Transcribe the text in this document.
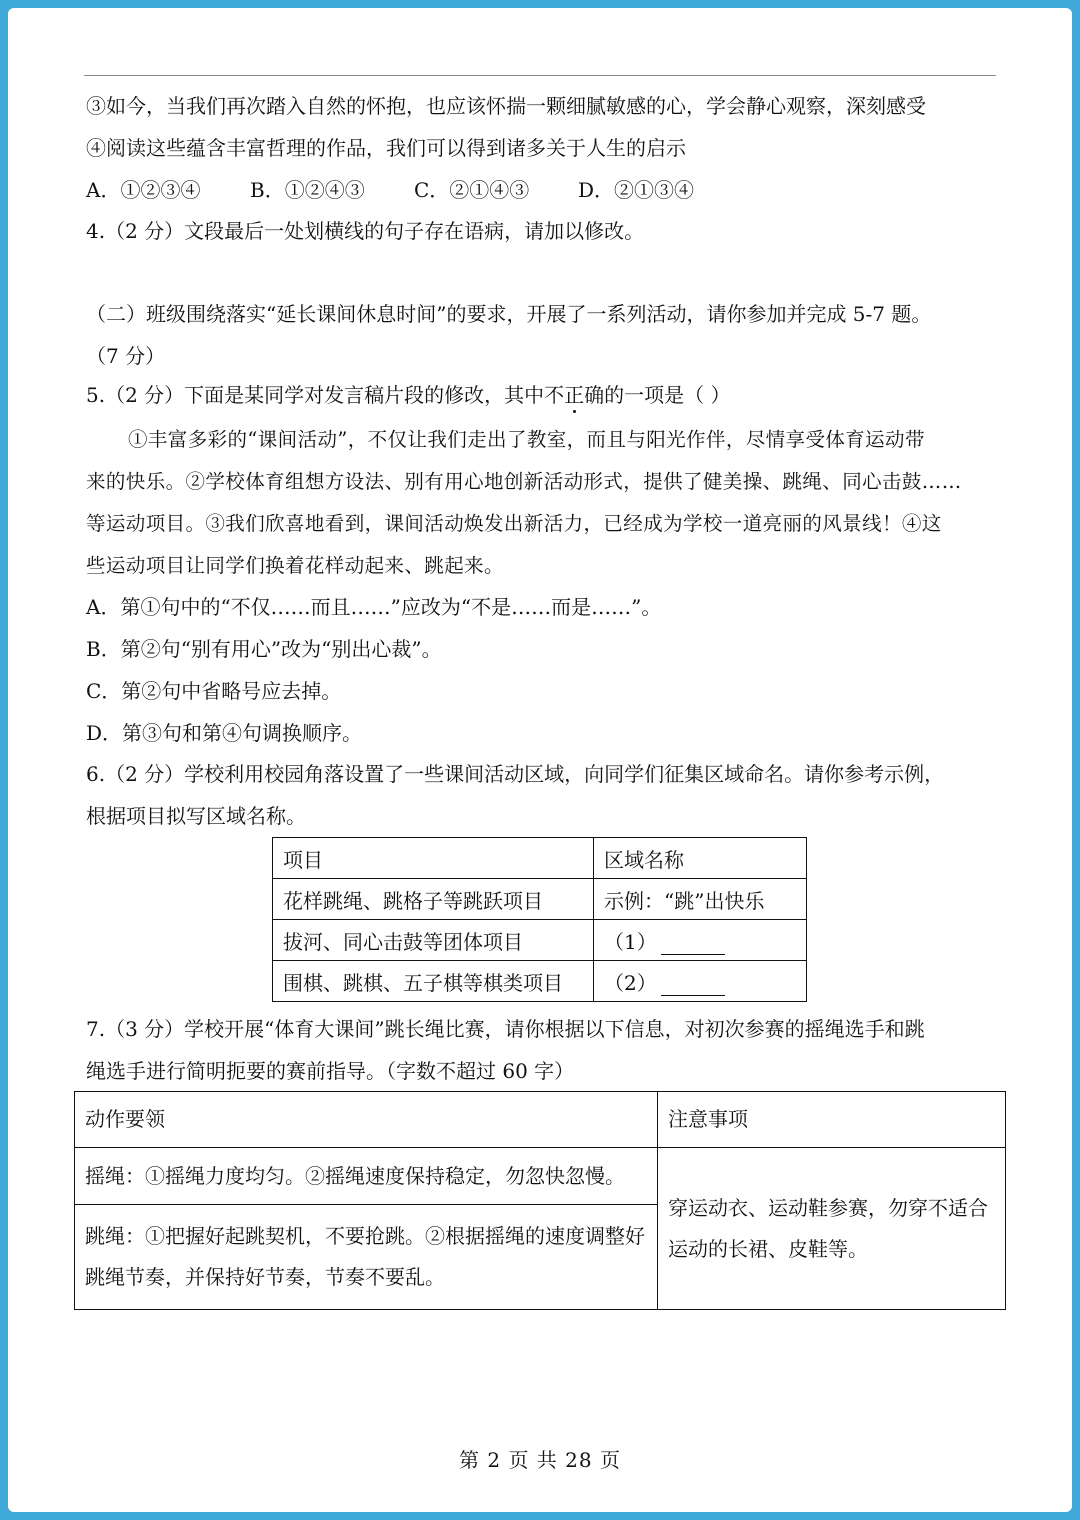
③如今，当我们再次踏入自然的怀抱，也应该怀揣一颗细腻敏感的心，学会静心观察，深刻感受
④阅读这些蕴含丰富哲理的作品，我们可以得到诸多关于人生的启示
A．①②③④ B．①②④③ C．②①④③ D．②①③④
4.（2 分）文段最后一处划横线的句子存在语病，请加以修改。
（二）班级围绕落实“延长课间休息时间”的要求，开展了一系列活动，请你参加并完成 5-7 题。
（7 分）
5.（2 分）下面是某同学对发言稿片段的修改，其中不正确的一项是（ ）
①丰富多彩的“课间活动”，不仅让我们走出了教室，而且与阳光作伴，尽情享受体育运动带
来的快乐。②学校体育组想方设法、别有用心地创新活动形式，提供了健美操、跳绳、同心击鼓……
等运动项目。③我们欣喜地看到，课间活动焕发出新活力，已经成为学校一道亮丽的风景线！④这
些运动项目让同学们换着花样动起来、跳起来。
A．第①句中的“不仅……而且……”应改为“不是……而是……”。
B．第②句“别有用心”改为“别出心裁”。
C．第②句中省略号应去掉。
D．第③句和第④句调换顺序。
6.（2 分）学校利用校园角落设置了一些课间活动区域，向同学们征集区域命名。请你参考示例，
根据项目拟写区域名称。
项目	区域名称
花样跳绳、跳格子等跳跃项目	示例：“跳”出快乐
拔河、同心击鼓等团体项目	（1）
围棋、跳棋、五子棋等棋类项目	（2）
7.（3 分）学校开展“体育大课间”跳长绳比赛，请你根据以下信息，对初次参赛的摇绳选手和跳
绳选手进行简明扼要的赛前指导。（字数不超过 60 字）
动作要领	注意事项
摇绳：①摇绳力度均匀。②摇绳速度保持稳定，勿忽快忽慢。	穿运动衣、运动鞋参赛，勿穿不适合运动的长裙、皮鞋等。
跳绳：①把握好起跳契机，不要抢跳。②根据摇绳的速度调整好跳绳节奏，并保持好节奏，节奏不要乱。	
第 2 页 共 28 页
